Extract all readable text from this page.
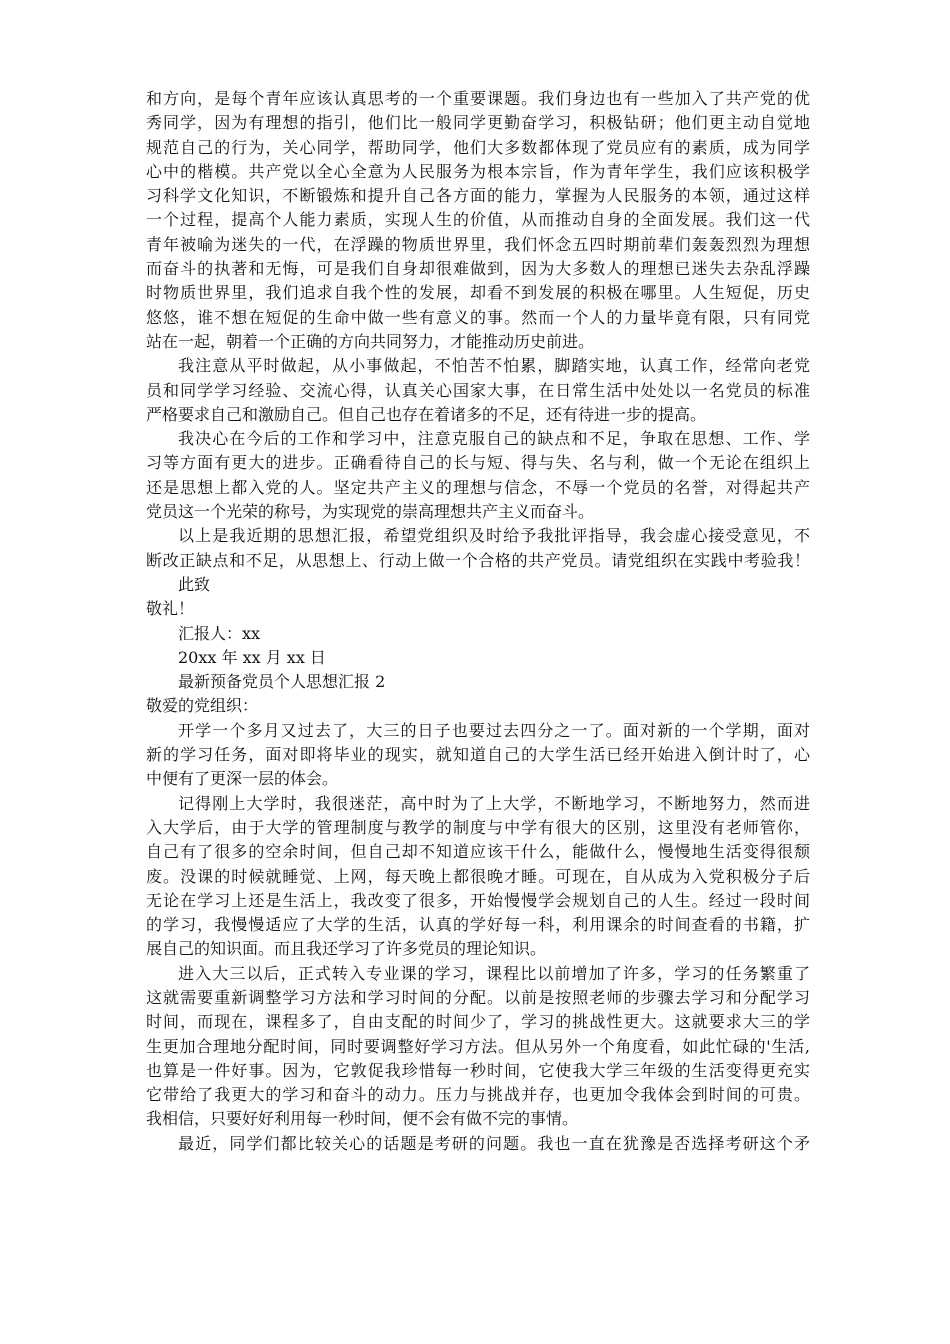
和方向，是每个青年应该认真思考的一个重要课题。我们身边也有一些加入了共产党的优
秀同学，因为有理想的指引，他们比一般同学更勤奋学习，积极钻研；他们更主动自觉地
规范自己的行为，关心同学，帮助同学，他们大多数都体现了党员应有的素质，成为同学
心中的楷模。共产党以全心全意为人民服务为根本宗旨，作为青年学生，我们应该积极学
习科学文化知识，不断锻炼和提升自己各方面的能力，掌握为人民服务的本领，通过这样
一个过程，提高个人能力素质，实现人生的价值，从而推动自身的全面发展。我们这一代
青年被喻为迷失的一代，在浮躁的物质世界里，我们怀念五四时期前辈们轰轰烈烈为理想
而奋斗的执著和无悔，可是我们自身却很难做到，因为大多数人的理想已迷失去杂乱浮躁
时物质世界里，我们追求自我个性的发展，却看不到发展的积极在哪里。人生短促，历史
悠悠，谁不想在短促的生命中做一些有意义的事。然而一个人的力量毕竟有限，只有同党
站在一起，朝着一个正确的方向共同努力，才能推动历史前进。
我注意从平时做起，从小事做起，不怕苦不怕累，脚踏实地，认真工作，经常向老党
员和同学学习经验、交流心得，认真关心国家大事，在日常生活中处处以一名党员的标准
严格要求自己和激励自己。但自己也存在着诸多的不足，还有待进一步的提高。
我决心在今后的工作和学习中，注意克服自己的缺点和不足，争取在思想、工作、学
习等方面有更大的进步。正确看待自己的长与短、得与失、名与利，做一个无论在组织上
还是思想上都入党的人。坚定共产主义的理想与信念，不辱一个党员的名誉，对得起共产
党员这一个光荣的称号，为实现党的崇高理想共产主义而奋斗。
以上是我近期的思想汇报，希望党组织及时给予我批评指导，我会虚心接受意见，不
断改正缺点和不足，从思想上、行动上做一个合格的共产党员。请党组织在实践中考验我！
此致
敬礼！
汇报人：xx
20xx 年 xx 月 xx 日
最新预备党员个人思想汇报 2
敬爱的党组织：
开学一个多月又过去了，大三的日子也要过去四分之一了。面对新的一个学期，面对
新的学习任务，面对即将毕业的现实，就知道自己的大学生活已经开始进入倒计时了，心
中便有了更深一层的体会。
记得刚上大学时，我很迷茫，高中时为了上大学，不断地学习，不断地努力，然而进
入大学后，由于大学的管理制度与教学的制度与中学有很大的区别，这里没有老师管你，
自己有了很多的空余时间，但自己却不知道应该干什么，能做什么，慢慢地生活变得很颓
废。没课的时候就睡觉、上网，每天晚上都很晚才睡。可现在，自从成为入党积极分子后
无论在学习上还是生活上，我改变了很多，开始慢慢学会规划自己的人生。经过一段时间
的学习，我慢慢适应了大学的生活，认真的学好每一科，利用课余的时间查看的书籍，扩
展自己的知识面。而且我还学习了许多党员的理论知识。
进入大三以后，正式转入专业课的学习，课程比以前增加了许多，学习的任务繁重了
这就需要重新调整学习方法和学习时间的分配。以前是按照老师的步骤去学习和分配学习
时间，而现在，课程多了，自由支配的时间少了，学习的挑战性更大。这就要求大三的学
生更加合理地分配时间，同时要调整好学习方法。但从另外一个角度看，如此忙碌的'生活,
也算是一件好事。因为，它敦促我珍惜每一秒时间，它使我大学三年级的生活变得更充实
它带给了我更大的学习和奋斗的动力。压力与挑战并存，也更加令我体会到时间的可贵。
我相信，只要好好利用每一秒时间，便不会有做不完的事情。
最近，同学们都比较关心的话题是考研的问题。我也一直在犹豫是否选择考研这个矛
